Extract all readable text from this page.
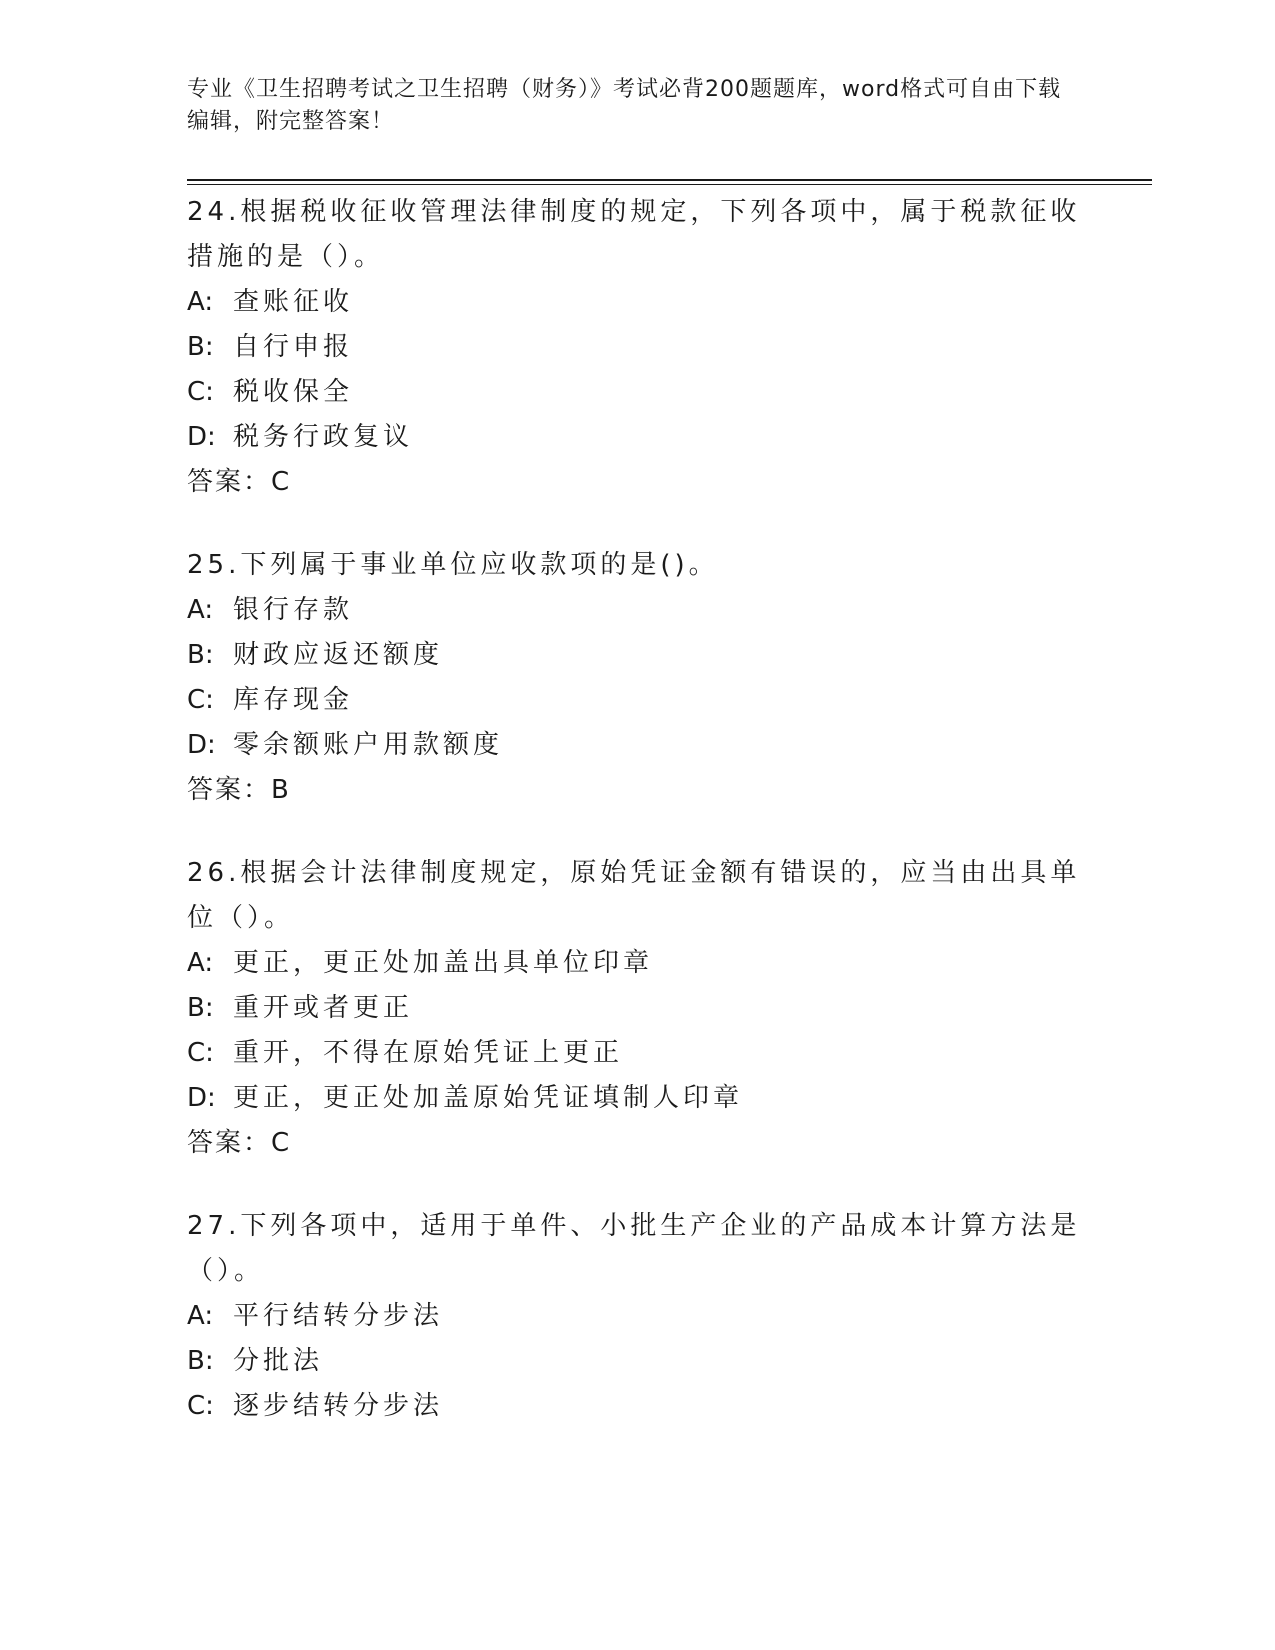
专业《卫生招聘考试之卫生招聘（财务）》考试必背200题题库，word格式可自由下载编辑，附完整答案！
24.根据税收征收管理法律制度的规定，下列各项中，属于税款征收措施的是（）。
A: 查账征收
B: 自行申报
C: 税收保全
D: 税务行政复议
答案：C
25.下列属于事业单位应收款项的是()。
A: 银行存款
B: 财政应返还额度
C: 库存现金
D: 零余额账户用款额度
答案：B
26.根据会计法律制度规定，原始凭证金额有错误的，应当由出具单位（）。
A: 更正，更正处加盖出具单位印章
B: 重开或者更正
C: 重开，不得在原始凭证上更正
D: 更正，更正处加盖原始凭证填制人印章
答案：C
27.下列各项中，适用于单件、小批生产企业的产品成本计算方法是（）。
A: 平行结转分步法
B: 分批法
C: 逐步结转分步法
